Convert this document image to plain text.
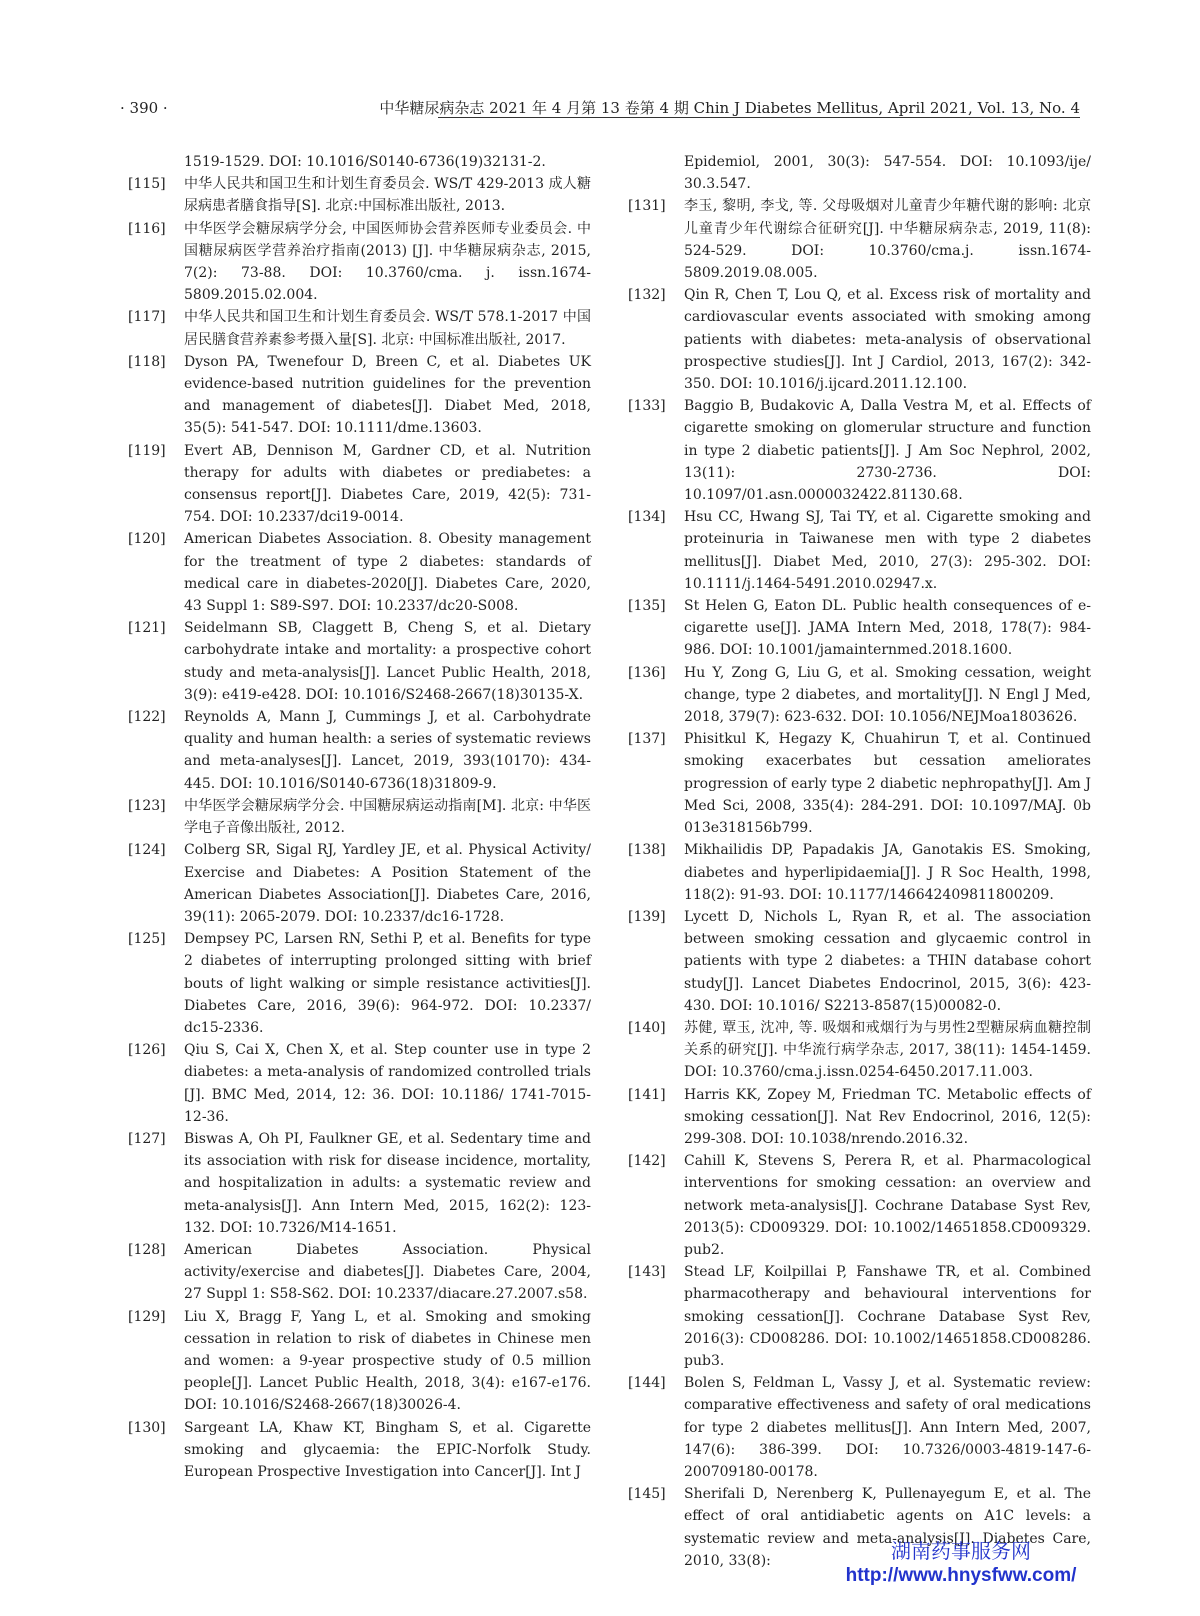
· 390 ·	中华糖尿病杂志 2021 年 4 月第 13 卷第 4 期 Chin J Diabetes Mellitus, April 2021, Vol. 13, No. 4
1519-1529. DOI: 10.1016/S0140-6736(19)32131-2.
[115] 中华人民共和国卫生和计划生育委员会. WS/T 429-2013 成人糖尿病患者膳食指导[S]. 北京:中国标准出版社, 2013.
[116] 中华医学会糖尿病学分会, 中国医师协会营养医师专业委员会. 中国糖尿病医学营养治疗指南(2013) [J]. 中华糖尿病杂志, 2015, 7(2): 73-88. DOI: 10.3760/cma. j. issn.1674-5809.2015.02.004.
[117] 中华人民共和国卫生和计划生育委员会. WS/T 578.1-2017 中国居民膳食营养素参考摄入量[S]. 北京: 中国标准出版社, 2017.
[118] Dyson PA, Twenefour D, Breen C, et al. Diabetes UK evidence-based nutrition guidelines for the prevention and management of diabetes[J]. Diabet Med, 2018, 35(5): 541-547. DOI: 10.1111/dme.13603.
[119] Evert AB, Dennison M, Gardner CD, et al. Nutrition therapy for adults with diabetes or prediabetes: a consensus report[J]. Diabetes Care, 2019, 42(5): 731-754. DOI: 10.2337/dci19-0014.
[120] American Diabetes Association. 8. Obesity management for the treatment of type 2 diabetes: standards of medical care in diabetes-2020[J]. Diabetes Care, 2020, 43 Suppl 1: S89-S97. DOI: 10.2337/dc20-S008.
[121] Seidelmann SB, Claggett B, Cheng S, et al. Dietary carbohydrate intake and mortality: a prospective cohort study and meta-analysis[J]. Lancet Public Health, 2018, 3(9): e419-e428. DOI: 10.1016/S2468-2667(18)30135-X.
[122] Reynolds A, Mann J, Cummings J, et al. Carbohydrate quality and human health: a series of systematic reviews and meta-analyses[J]. Lancet, 2019, 393(10170): 434-445. DOI: 10.1016/S0140-6736(18)31809-9.
[123] 中华医学会糖尿病学分会. 中国糖尿病运动指南[M]. 北京: 中华医学电子音像出版社, 2012.
[124] Colberg SR, Sigal RJ, Yardley JE, et al. Physical Activity/ Exercise and Diabetes: A Position Statement of the American Diabetes Association[J]. Diabetes Care, 2016, 39(11): 2065-2079. DOI: 10.2337/dc16-1728.
[125] Dempsey PC, Larsen RN, Sethi P, et al. Benefits for type 2 diabetes of interrupting prolonged sitting with brief bouts of light walking or simple resistance activities[J]. Diabetes Care, 2016, 39(6): 964-972. DOI: 10.2337/ dc15-2336.
[126] Qiu S, Cai X, Chen X, et al. Step counter use in type 2 diabetes: a meta-analysis of randomized controlled trials [J]. BMC Med, 2014, 12: 36. DOI: 10.1186/ 1741-7015-12-36.
[127] Biswas A, Oh PI, Faulkner GE, et al. Sedentary time and its association with risk for disease incidence, mortality, and hospitalization in adults: a systematic review and meta-analysis[J]. Ann Intern Med, 2015, 162(2): 123-132. DOI: 10.7326/M14-1651.
[128] American Diabetes Association. Physical activity/exercise and diabetes[J]. Diabetes Care, 2004, 27 Suppl 1: S58-S62. DOI: 10.2337/diacare.27.2007.s58.
[129] Liu X, Bragg F, Yang L, et al. Smoking and smoking cessation in relation to risk of diabetes in Chinese men and women: a 9-year prospective study of 0.5 million people[J]. Lancet Public Health, 2018, 3(4): e167-e176. DOI: 10.1016/S2468-2667(18)30026-4.
[130] Sargeant LA, Khaw KT, Bingham S, et al. Cigarette smoking and glycaemia: the EPIC-Norfolk Study. European Prospective Investigation into Cancer[J]. Int J
Epidemiol, 2001, 30(3): 547-554. DOI: 10.1093/ije/ 30.3.547.
[131] 李玉, 黎明, 李戈, 等. 父母吸烟对儿童青少年糖代谢的影响: 北京儿童青少年代谢综合征研究[J]. 中华糖尿病杂志, 2019, 11(8): 524-529. DOI: 10.3760/cma.j. issn.1674-5809.2019.08.005.
[132] Qin R, Chen T, Lou Q, et al. Excess risk of mortality and cardiovascular events associated with smoking among patients with diabetes: meta-analysis of observational prospective studies[J]. Int J Cardiol, 2013, 167(2): 342-350. DOI: 10.1016/j.ijcard.2011.12.100.
[133] Baggio B, Budakovic A, Dalla Vestra M, et al. Effects of cigarette smoking on glomerular structure and function in type 2 diabetic patients[J]. J Am Soc Nephrol, 2002, 13(11): 2730-2736. DOI: 10.1097/01.asn.0000032422.81130.68.
[134] Hsu CC, Hwang SJ, Tai TY, et al. Cigarette smoking and proteinuria in Taiwanese men with type 2 diabetes mellitus[J]. Diabet Med, 2010, 27(3): 295-302. DOI: 10.1111/j.1464-5491.2010.02947.x.
[135] St Helen G, Eaton DL. Public health consequences of e-cigarette use[J]. JAMA Intern Med, 2018, 178(7): 984-986. DOI: 10.1001/jamainternmed.2018.1600.
[136] Hu Y, Zong G, Liu G, et al. Smoking cessation, weight change, type 2 diabetes, and mortality[J]. N Engl J Med, 2018, 379(7): 623-632. DOI: 10.1056/NEJMoa1803626.
[137] Phisitkul K, Hegazy K, Chuahirun T, et al. Continued smoking exacerbates but cessation ameliorates progression of early type 2 diabetic nephropathy[J]. Am J Med Sci, 2008, 335(4): 284-291. DOI: 10.1097/MAJ. 0b 013e318156b799.
[138] Mikhailidis DP, Papadakis JA, Ganotakis ES. Smoking, diabetes and hyperlipidaemia[J]. J R Soc Health, 1998, 118(2): 91-93. DOI: 10.1177/146642409811800209.
[139] Lycett D, Nichols L, Ryan R, et al. The association between smoking cessation and glycaemic control in patients with type 2 diabetes: a THIN database cohort study[J]. Lancet Diabetes Endocrinol, 2015, 3(6): 423-430. DOI: 10.1016/ S2213-8587(15)00082-0.
[140] 苏健, 覃玉, 沈冲, 等. 吸烟和戒烟行为与男性2型糖尿病血糖控制关系的研究[J]. 中华流行病学杂志, 2017, 38(11): 1454-1459. DOI: 10.3760/cma.j.issn.0254-6450.2017.11.003.
[141] Harris KK, Zopey M, Friedman TC. Metabolic effects of smoking cessation[J]. Nat Rev Endocrinol, 2016, 12(5): 299-308. DOI: 10.1038/nrendo.2016.32.
[142] Cahill K, Stevens S, Perera R, et al. Pharmacological interventions for smoking cessation: an overview and network meta-analysis[J]. Cochrane Database Syst Rev, 2013(5): CD009329. DOI: 10.1002/14651858.CD009329. pub2.
[143] Stead LF, Koilpillai P, Fanshawe TR, et al. Combined pharmacotherapy and behavioural interventions for smoking cessation[J]. Cochrane Database Syst Rev, 2016(3): CD008286. DOI: 10.1002/14651858.CD008286. pub3.
[144] Bolen S, Feldman L, Vassy J, et al. Systematic review: comparative effectiveness and safety of oral medications for type 2 diabetes mellitus[J]. Ann Intern Med, 2007, 147(6): 386-399. DOI: 10.7326/0003-4819-147-6-200709180-00178.
[145] Sherifali D, Nerenberg K, Pullenayegum E, et al. The effect of oral antidiabetic agents on A1C levels: a systematic review and meta-analysis[J]. Diabetes Care, 2010, 33(8):	湖南药事服务网
http://www.hnysfww.com/
